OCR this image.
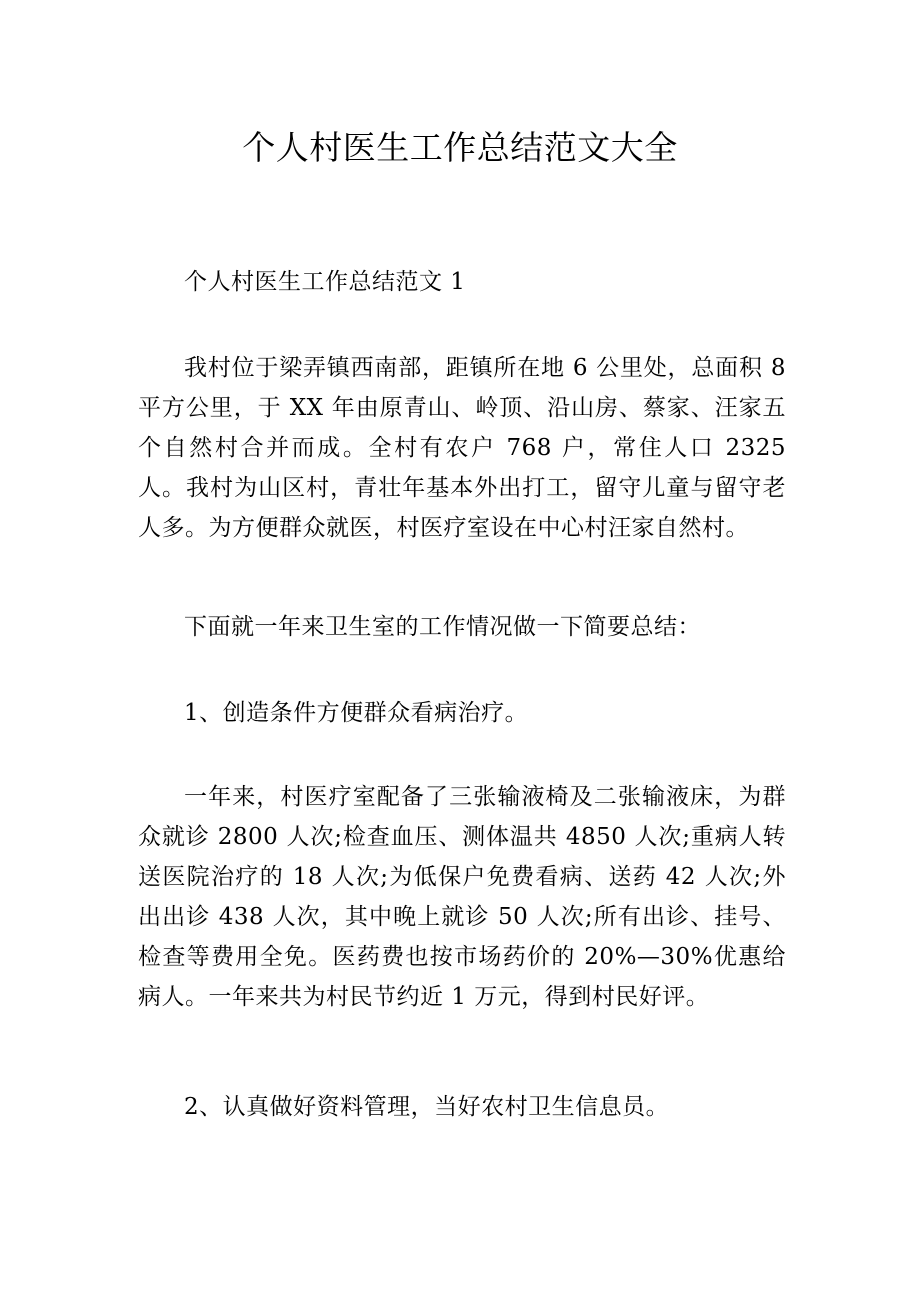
个人村医生工作总结范文大全

个人村医生工作总结范文 1

我村位于梁弄镇西南部，距镇所在地 6 公里处，总面积 8 平方公里，于 XX 年由原青山、岭顶、沿山房、蔡家、汪家五个自然村合并而成。全村有农户 768 户，常住人口 2325 人。我村为山区村，青壮年基本外出打工，留守儿童与留守老人多。为方便群众就医，村医疗室设在中心村汪家自然村。

下面就一年来卫生室的工作情况做一下简要总结：

1、创造条件方便群众看病治疗。

一年来，村医疗室配备了三张输液椅及二张输液床，为群众就诊 2800 人次;检查血压、测体温共 4850 人次;重病人转送医院治疗的 18 人次;为低保户免费看病、送药 42 人次;外出出诊 438 人次，其中晚上就诊 50 人次;所有出诊、挂号、检查等费用全免。医药费也按市场药价的 20%—30%优惠给病人。一年来共为村民节约近 1 万元，得到村民好评。

2、认真做好资料管理，当好农村卫生信息员。
